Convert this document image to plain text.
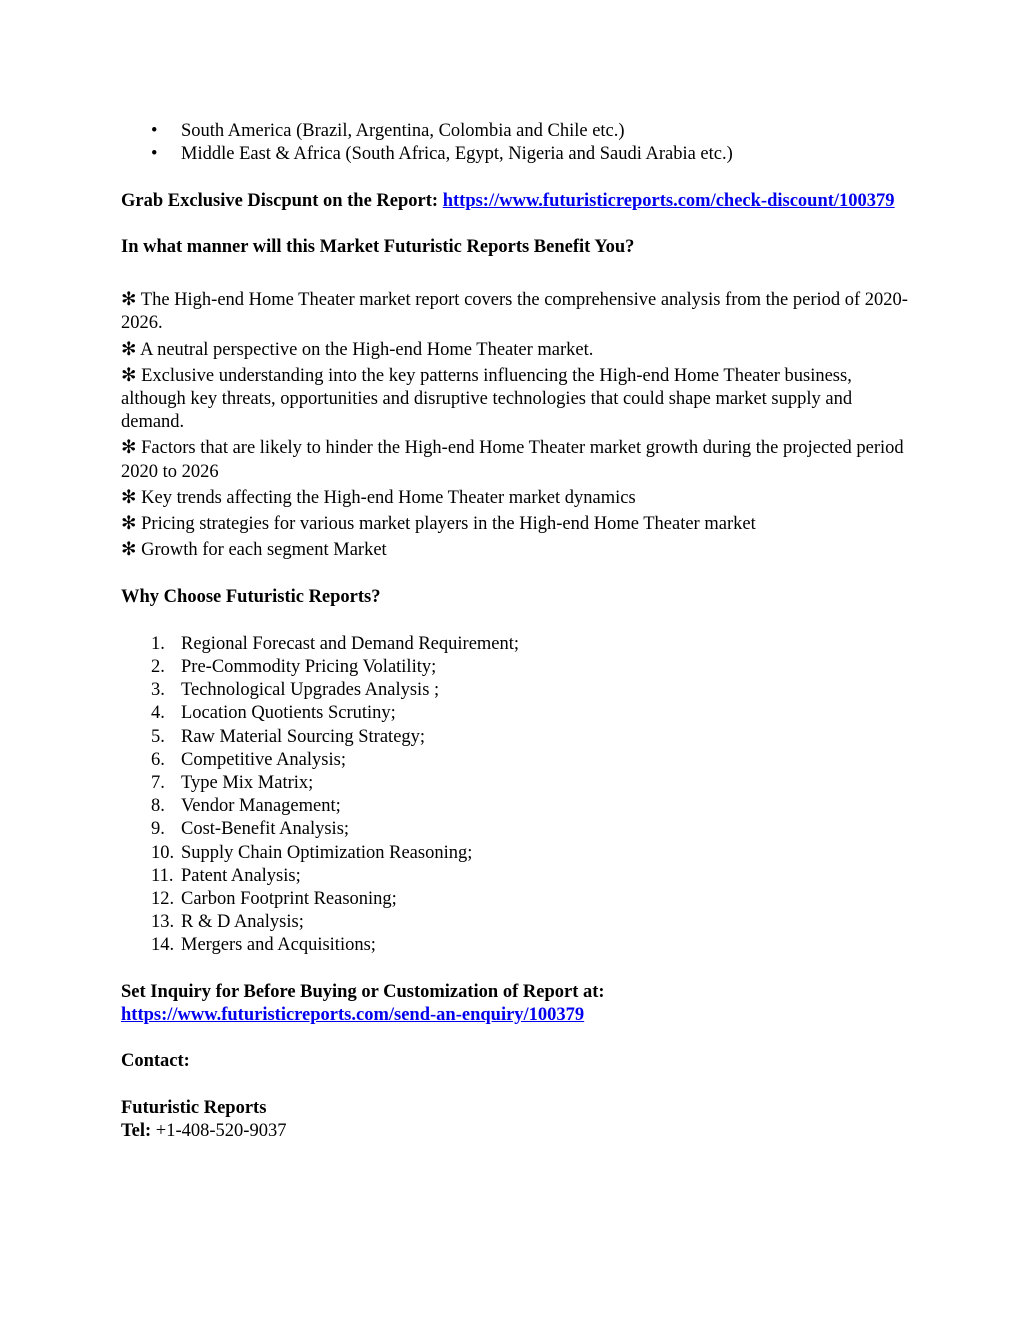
• South America (Brazil, Argentina, Colombia and Chile etc.)
• Middle East & Africa (South Africa, Egypt, Nigeria and Saudi Arabia etc.)

Grab Exclusive Discpunt on the Report: https://www.futuristicreports.com/check-discount/100379

In what manner will this Market Futuristic Reports Benefit You?

✻ The High-end Home Theater market report covers the comprehensive analysis from the period of 2020-2026.

✻ A neutral perspective on the High-end Home Theater market.

✻ Exclusive understanding into the key patterns influencing the High-end Home Theater business, although key threats, opportunities and disruptive technologies that could shape market supply and demand.

✻ Factors that are likely to hinder the High-end Home Theater market growth during the projected period 2020 to 2026

✻ Key trends affecting the High-end Home Theater market dynamics

✻ Pricing strategies for various market players in the High-end Home Theater market

✻ Growth for each segment Market

Why Choose Futuristic Reports?

1. Regional Forecast and Demand Requirement;
2. Pre-Commodity Pricing Volatility;
3. Technological Upgrades Analysis ;
4. Location Quotients Scrutiny;
5. Raw Material Sourcing Strategy;
6. Competitive Analysis;
7. Type Mix Matrix;
8. Vendor Management;
9. Cost-Benefit Analysis;
10. Supply Chain Optimization Reasoning;
11. Patent Analysis;
12. Carbon Footprint Reasoning;
13. R & D Analysis;
14. Mergers and Acquisitions;

Set Inquiry for Before Buying or Customization of Report at:

https://www.futuristicreports.com/send-an-enquiry/100379

Contact:

Futuristic Reports

Tel: +1-408-520-9037
